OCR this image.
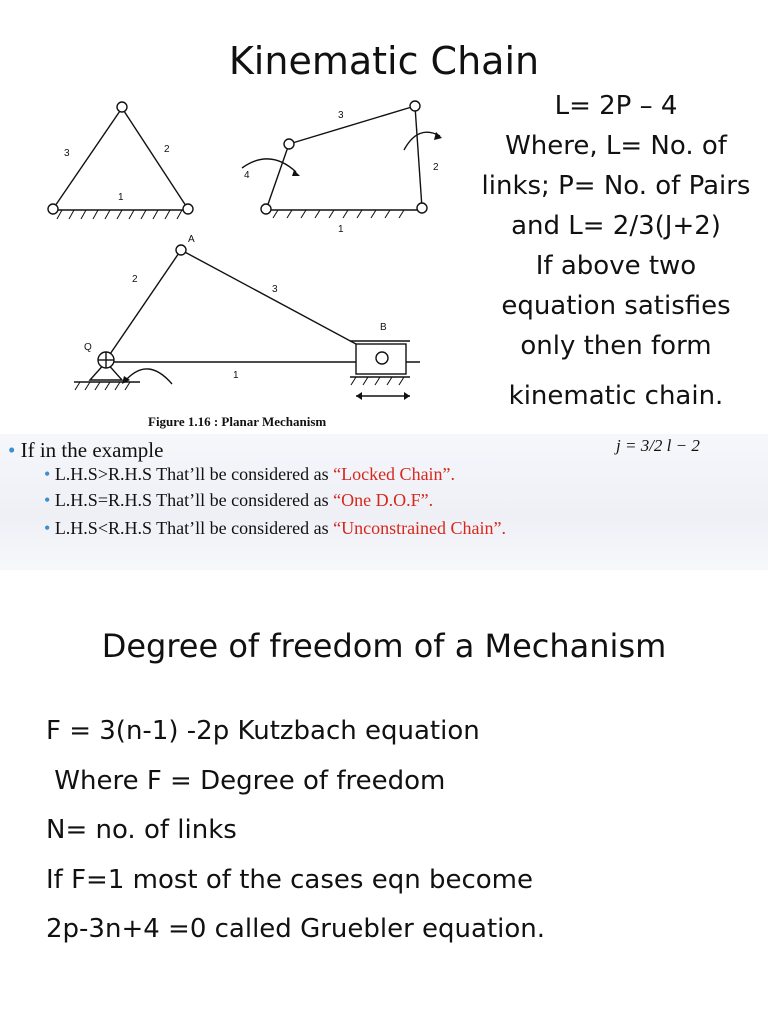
Kinematic Chain
L= 2P – 4
Where, L= No. of
links; P= No. of Pairs
and L= 2/3(J+2)
If above two
equation satisfies
only then form
kinematic chain.
3	2
1
3
4
2
1
A
2
3
B
Q
1
Figure 1.16 : Planar Mechanism
• If in the example	j = 3/2 l − 2
• L.H.S>R.H.S That’ll be considered as “Locked Chain”.
• L.H.S=R.H.S That’ll be considered as “One D.O.F”.
• L.H.S<R.H.S That’ll be considered as “Unconstrained Chain”.
Degree of freedom of a Mechanism
F = 3(n-1) -2p Kutzbach equation
Where F = Degree of freedom
N= no. of links
If F=1 most of the cases eqn become
2p-3n+4 =0 called Gruebler equation.
